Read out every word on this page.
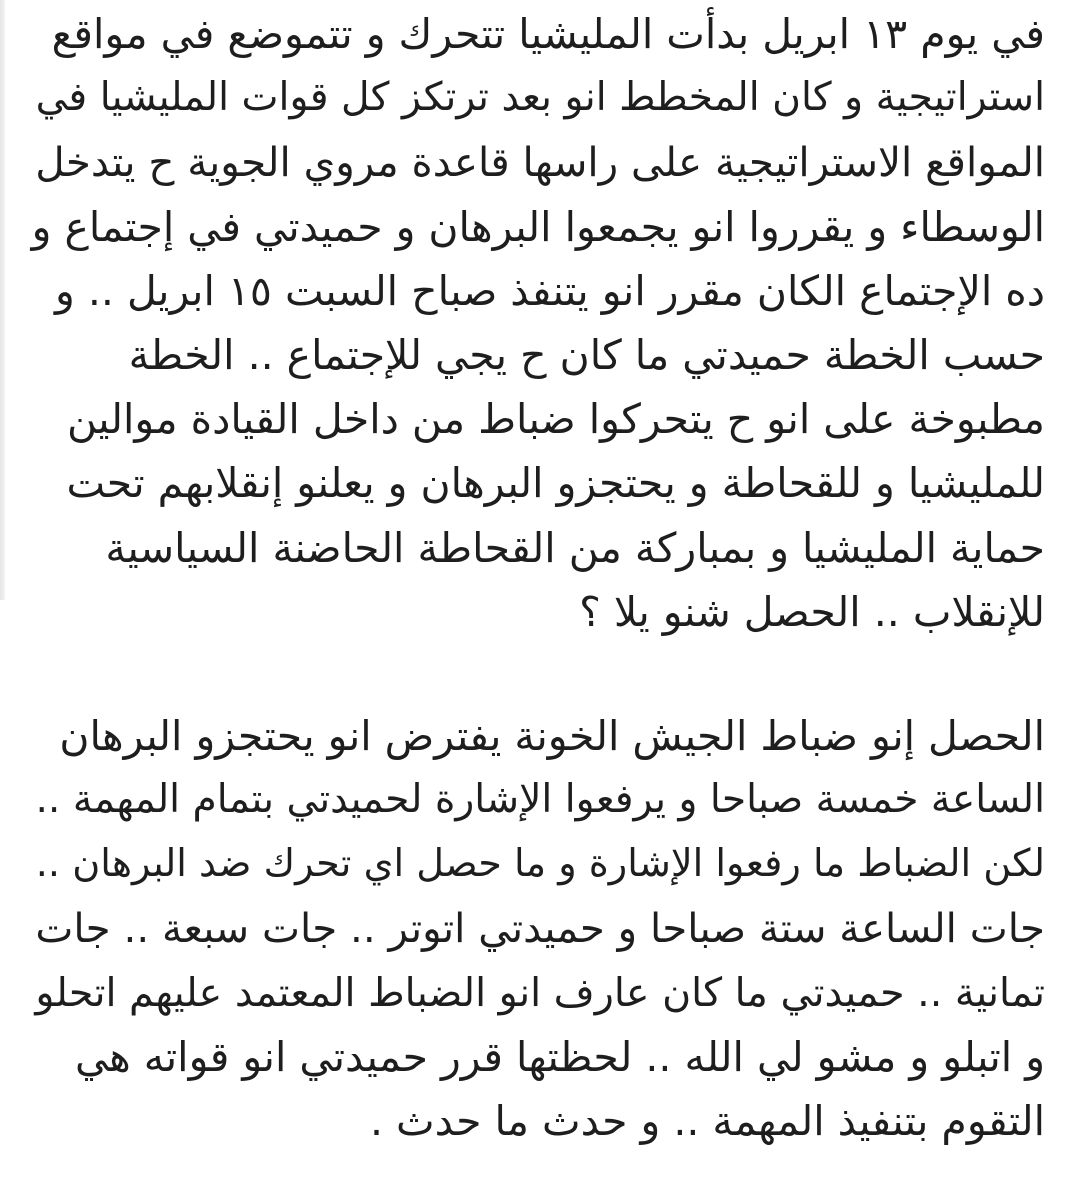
في يوم ١٣ ابريل بدأت المليشيا تتحرك و تتموضع في مواقع
استراتيجية و كان المخطط انو بعد ترتكز كل قوات المليشيا في
المواقع الاستراتيجية على راسها قاعدة مروي الجوية ح يتدخل
الوسطاء و يقرروا انو يجمعوا البرهان و حميدتي في إجتماع و
ده الإجتماع الكان مقرر انو يتنفذ صباح السبت ١٥ ابريل .. و
حسب الخطة حميدتي ما كان ح يجي للإجتماع .. الخطة
مطبوخة على انو ح يتحركوا ضباط من داخل القيادة موالين
للمليشيا و للقحاطة و يحتجزو البرهان و يعلنو إنقلابهم تحت
حماية المليشيا و بمباركة من القحاطة الحاضنة السياسية
للإنقلاب .. الحصل شنو يلا ؟
الحصل إنو ضباط الجيش الخونة يفترض انو يحتجزو البرهان
الساعة خمسة صباحا و يرفعوا الإشارة لحميدتي بتمام المهمة ..
لكن الضباط ما رفعوا الإشارة و ما حصل اي تحرك ضد البرهان ..
جات الساعة ستة صباحا و حميدتي اتوتر .. جات سبعة .. جات
تمانية .. حميدتي ما كان عارف انو الضباط المعتمد عليهم اتحلو
و اتبلو و مشو لي الله .. لحظتها قرر حميدتي انو قواته هي
التقوم بتنفيذ المهمة .. و حدث ما حدث .
